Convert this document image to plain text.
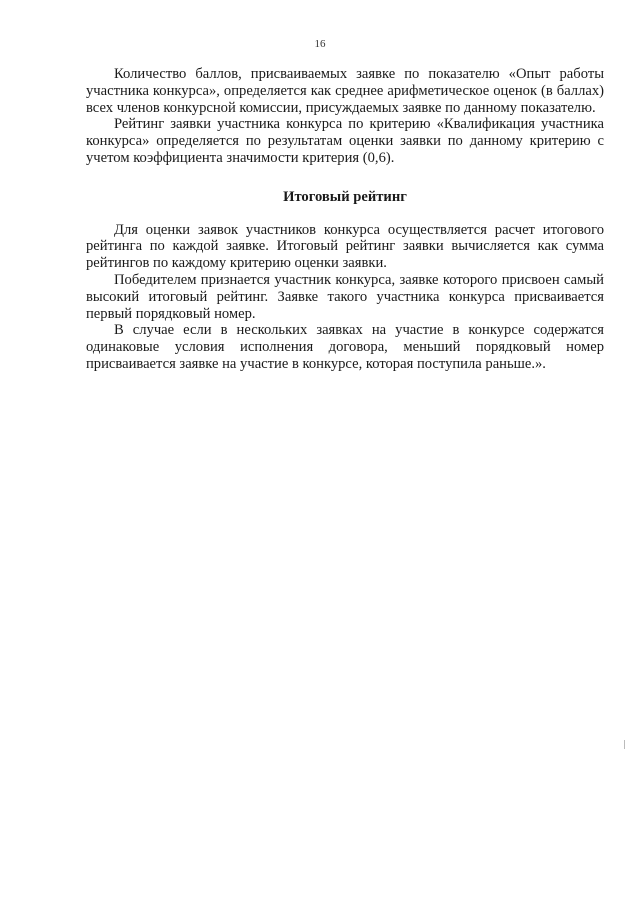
16

Количество баллов, присваиваемых заявке по показателю «Опыт работы участника конкурса», определяется как среднее арифметическое оценок (в баллах) всех членов конкурсной комиссии, присуждаемых заявке по данному показателю.

Рейтинг заявки участника конкурса по критерию «Квалификация участника конкурса» определяется по результатам оценки заявки по данному критерию с учетом коэффициента значимости критерия (0,6).

Итоговый рейтинг

Для оценки заявок участников конкурса осуществляется расчет итогового рейтинга по каждой заявке. Итоговый рейтинг заявки вычисляется как сумма рейтингов по каждому критерию оценки заявки.

Победителем признается участник конкурса, заявке которого присвоен самый высокий итоговый рейтинг. Заявке такого участника конкурса присваивается первый порядковый номер.

В случае если в нескольких заявках на участие в конкурсе содержатся одинаковые условия исполнения договора, меньший порядковый номер присваивается заявке на участие в конкурсе, которая поступила раньше.».
